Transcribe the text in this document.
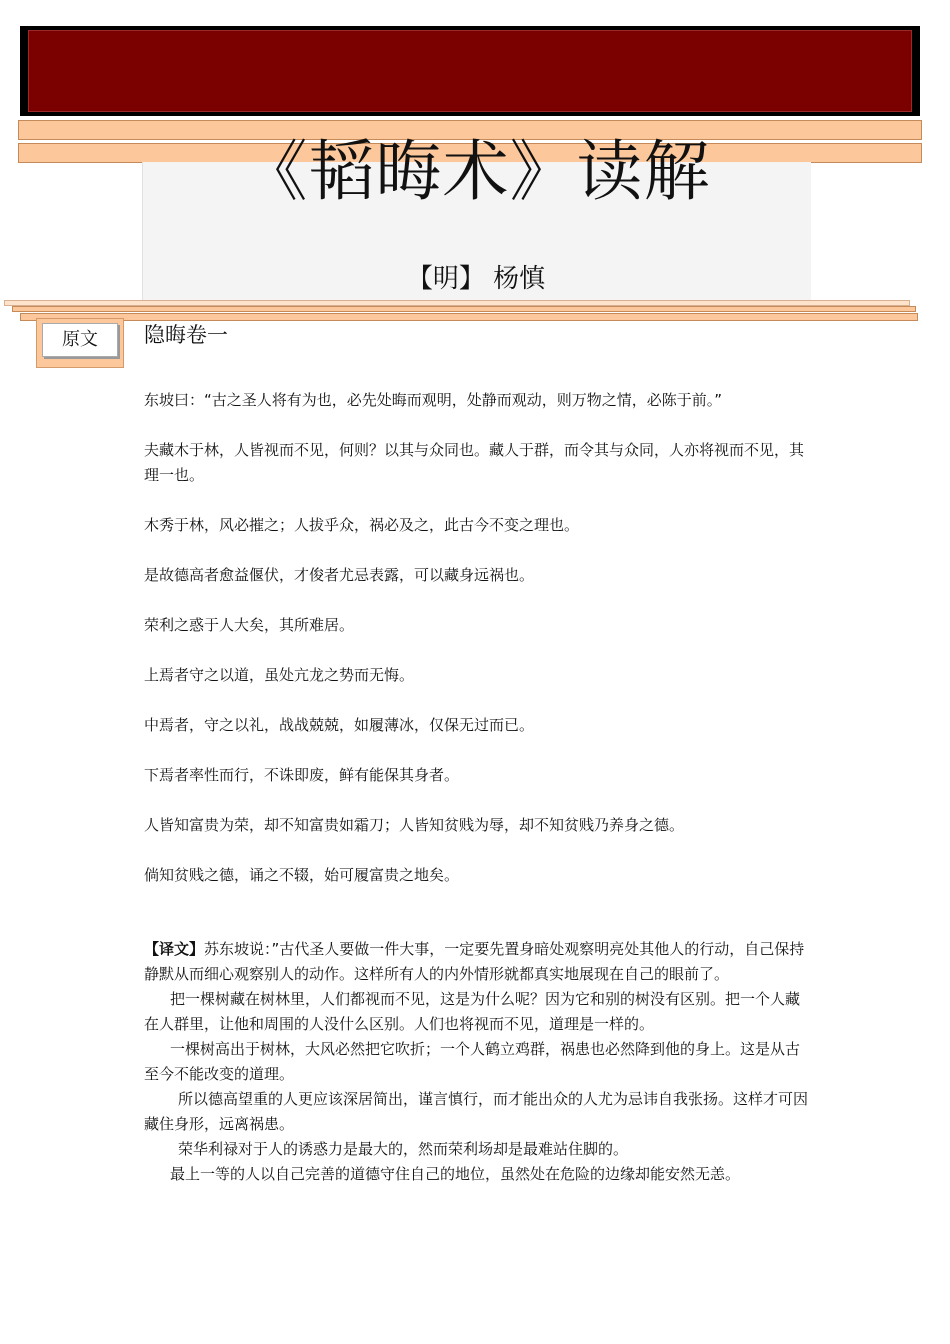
《韬晦术》读解
【明】 杨慎
原文	隐晦卷一

东坡曰：“古之圣人将有为也，必先处晦而观明，处静而观动，则万物之情，必陈于前。”

夫藏木于林，人皆视而不见，何则？以其与众同也。藏人于群，而令其与众同，人亦将视而不见，其理一也。

木秀于林，风必摧之；人拔乎众，祸必及之，此古今不变之理也。

是故德高者愈益偃伏，才俊者尤忌表露，可以藏身远祸也。

荣利之惑于人大矣，其所难居。

上焉者守之以道，虽处亢龙之势而无悔。

中焉者，守之以礼，战战兢兢，如履薄冰，仅保无过而已。

下焉者率性而行，不诛即废，鲜有能保其身者。

人皆知富贵为荣，却不知富贵如霜刀；人皆知贫贱为辱，却不知贫贱乃养身之德。

倘知贫贱之德，诵之不辍，始可履富贵之地矣。

【译文】苏东坡说：”古代圣人要做一件大事，一定要先置身暗处观察明亮处其他人的行动，自己保持静默从而细心观察别人的动作。这样所有人的内外情形就都真实地展现在自己的眼前了。

把一棵树藏在树林里，人们都视而不见，这是为什么呢？因为它和别的树没有区别。把一个人藏在人群里，让他和周围的人没什么区别。人们也将视而不见，道理是一样的。

一棵树高出于树林，大风必然把它吹折；一个人鹤立鸡群，祸患也必然降到他的身上。这是从古至今不能改变的道理。

所以德高望重的人更应该深居简出，谨言慎行，而才能出众的人尤为忌讳自我张扬。这样才可因藏住身形，远离祸患。

荣华利禄对于人的诱惑力是最大的，然而荣利场却是最难站住脚的。

最上一等的人以自己完善的道德守住自己的地位，虽然处在危险的边缘却能安然无恙。
